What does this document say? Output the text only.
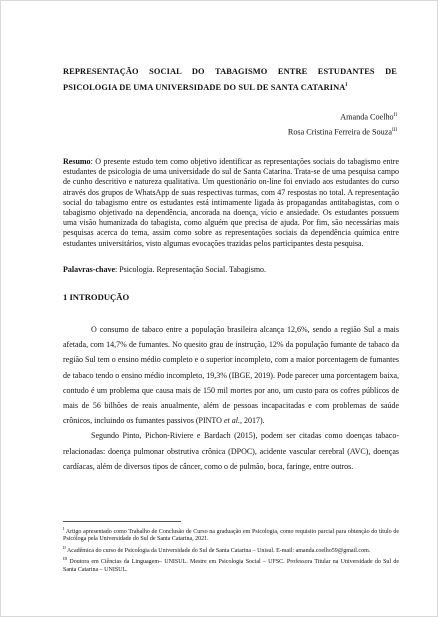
REPRESENTAÇÃO SOCIAL DO TABAGISMO ENTRE ESTUDANTES DE PSICOLOGIA DE UMA UNIVERSIDADE DO SUL DE SANTA $CATARINA^I$
Amanda Coelho$^{II}$
Rosa Cristina Ferreira de Souza$^{III}$
Resumo: O presente estudo tem como objetivo identificar as representações sociais do tabagismo entre estudantes de psicologia de uma universidade do sul de Santa Catarina. Trata-se de uma pesquisa campo de cunho descritivo e natureza qualitativa. Um questionário on-line foi enviado aos estudantes do curso através dos grupos de WhatsApp de suas respectivas turmas, com 47 respostas no total. A representação social do tabagismo entre os estudantes está intimamente ligada às propagandas antitabagistas, com o tabagismo objetivado na dependência, ancorada na doença, vício e ansiedade. Os estudantes possuem uma visão humanizada do tabagista, como alguém que precisa de ajuda. Por fim, são necessárias mais pesquisas acerca do tema, assim como sobre as representações sociais da dependência química entre estudantes universitários, visto algumas evocações trazidas pelos participantes desta pesquisa.
Palavras-chave: Psicologia. Representação Social. Tabagismo.
1 INTRODUÇÃO

O consumo de tabaco entre a população brasileira alcança 12,6%, sendo a região Sul a mais afetada, com 14,7% de fumantes. No quesito grau de instrução, 12% da população fumante de tabaco da região Sul tem o ensino médio completo e o superior incompleto, com a maior porcentagem de fumantes de tabaco tendo o ensino médio incompleto, 19,3% (IBGE, 2019). Pode parecer uma porcentagem baixa, contudo é um problema que causa mais de 150 mil mortes por ano, um custo para os cofres públicos de mais de 56 bilhões de reais anualmente, além de pessoas incapacitadas e com problemas de saúde crônicos, incluindo os fumantes passivos (PINTO et al., 2017).

Segundo Pinto, Pichon-Riviere e Bardach (2015), podem ser citadas como doenças tabaco-relacionadas: doença pulmonar obstrutiva crônica (DPOC), acidente vascular cerebral (AVC), doenças cardíacas, além de diversos tipos de câncer, como o de pulmão, boca, faringe, entre outros.

$^I$ Artigo apresentado como Trabalho de Conclusão de Curso na graduação em Psicologia, como requisito parcial para obtenção do título de Psicóloga pela Universidade do Sul de Santa Catarina, 2021.
$^{II}$ Acadêmica do curso de Psicologia da Universidade do Sul de Santa Catarina – Unisul. E-mail: amanda.coelho59@gmail.com.
$^{III}$ Doutora em Ciências da Linguagem– UNISUL. Mestre em Psicologia Social – UFSC. Professora Titular na Universidade do Sul de Santa Catarina – UNISUL.
